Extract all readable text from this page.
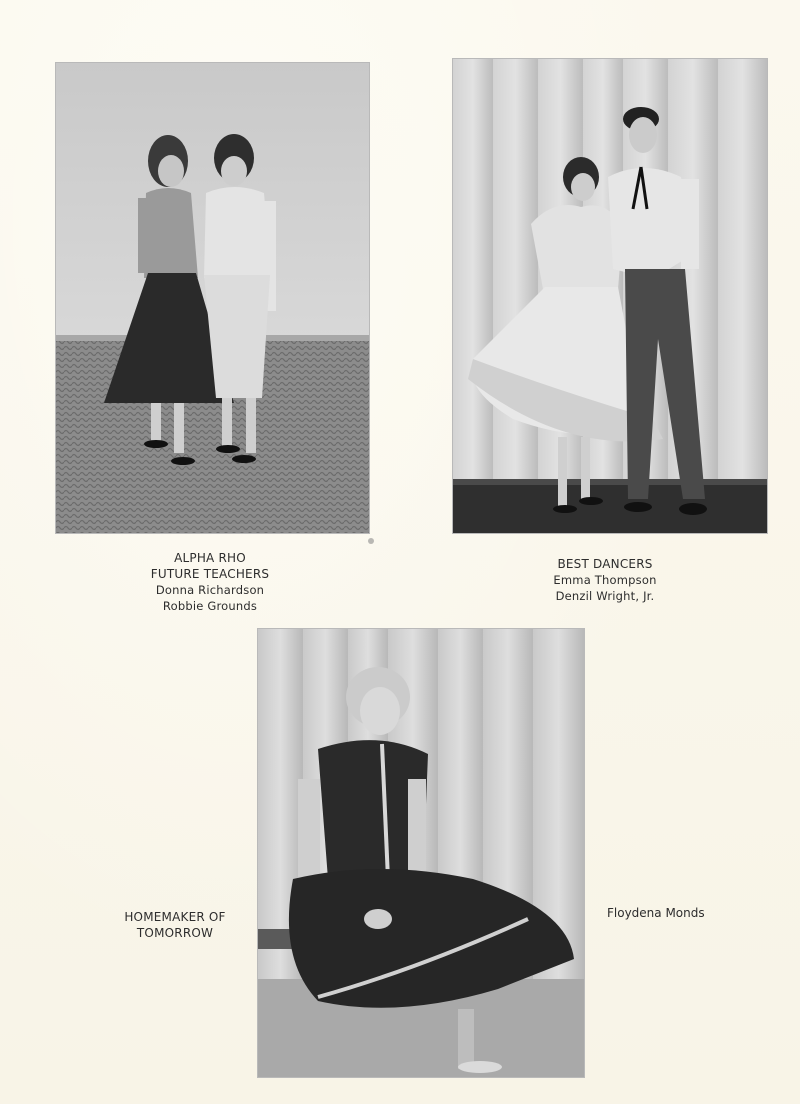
ALPHA RHO
FUTURE TEACHERS
Donna Richardson
Robbie Grounds
BEST DANCERS
Emma Thompson
Denzil Wright, Jr.
HOMEMAKER OF
TOMORROW
Floydena Monds
